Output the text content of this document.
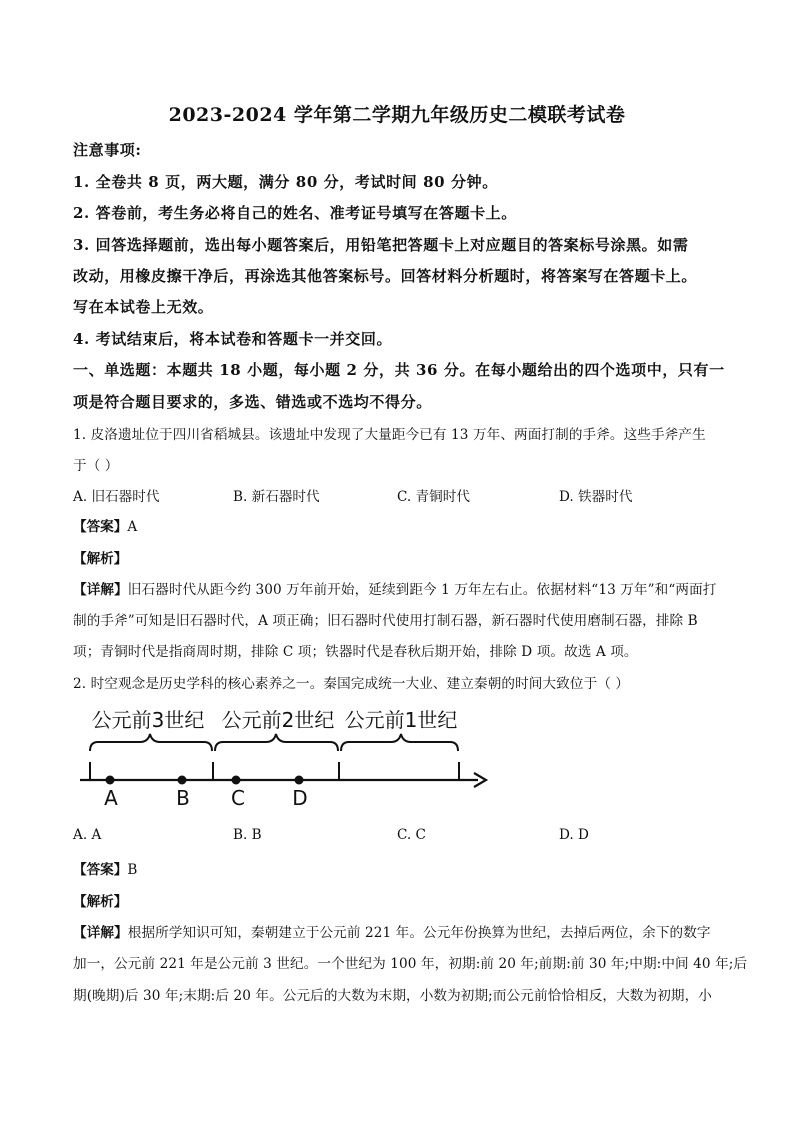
2023-2024 学年第二学期九年级历史二模联考试卷
注意事项:
1. 全卷共 8 页，两大题，满分 80 分，考试时间 80 分钟。
2. 答卷前，考生务必将自己的姓名、准考证号填写在答题卡上。
3. 回答选择题前，选出每小题答案后，用铅笔把答题卡上对应题目的答案标号涂黑。如需
改动，用橡皮擦干净后，再涂选其他答案标号。回答材料分析题时，将答案写在答题卡上。
写在本试卷上无效。
4. 考试结束后，将本试卷和答题卡一并交回。
一、单选题：本题共 18 小题，每小题 2 分，共 36 分。在每小题给出的四个选项中，只有一
项是符合题目要求的，多选、错选或不选均不得分。
1. 皮洛遗址位于四川省稻城县。该遗址中发现了大量距今已有 13 万年、两面打制的手斧。这些手斧产生
于（ ）
A. 旧石器时代	B. 新石器时代	C. 青铜时代	D. 铁器时代
【答案】A
【解析】
【详解】旧石器时代从距今约 300 万年前开始，延续到距今 1 万年左右止。依据材料“13 万年”和“两面打
制的手斧”可知是旧石器时代，A 项正确；旧石器时代使用打制石器，新石器时代使用磨制石器，排除 B
项；青铜时代是指商周时期，排除 C 项；铁器时代是春秋后期开始，排除 D 项。故选 A 项。
2. 时空观念是历史学科的核心素养之一。秦国完成统一大业、建立秦朝的时间大致位于（ ）
公元前3世纪 公元前2世纪 公元前1世纪
A	B C D
A. A	B. B	C. C	D. D
【答案】B
【解析】
【详解】根据所学知识可知，秦朝建立于公元前 221 年。公元年份换算为世纪，去掉后两位，余下的数字
加一，公元前 221 年是公元前 3 世纪。一个世纪为 100 年，初期:前 20 年;前期:前 30 年;中期:中间 40 年;后
期(晚期)后 30 年;末期:后 20 年。公元后的大数为末期，小数为初期;而公元前恰恰相反，大数为初期，小
